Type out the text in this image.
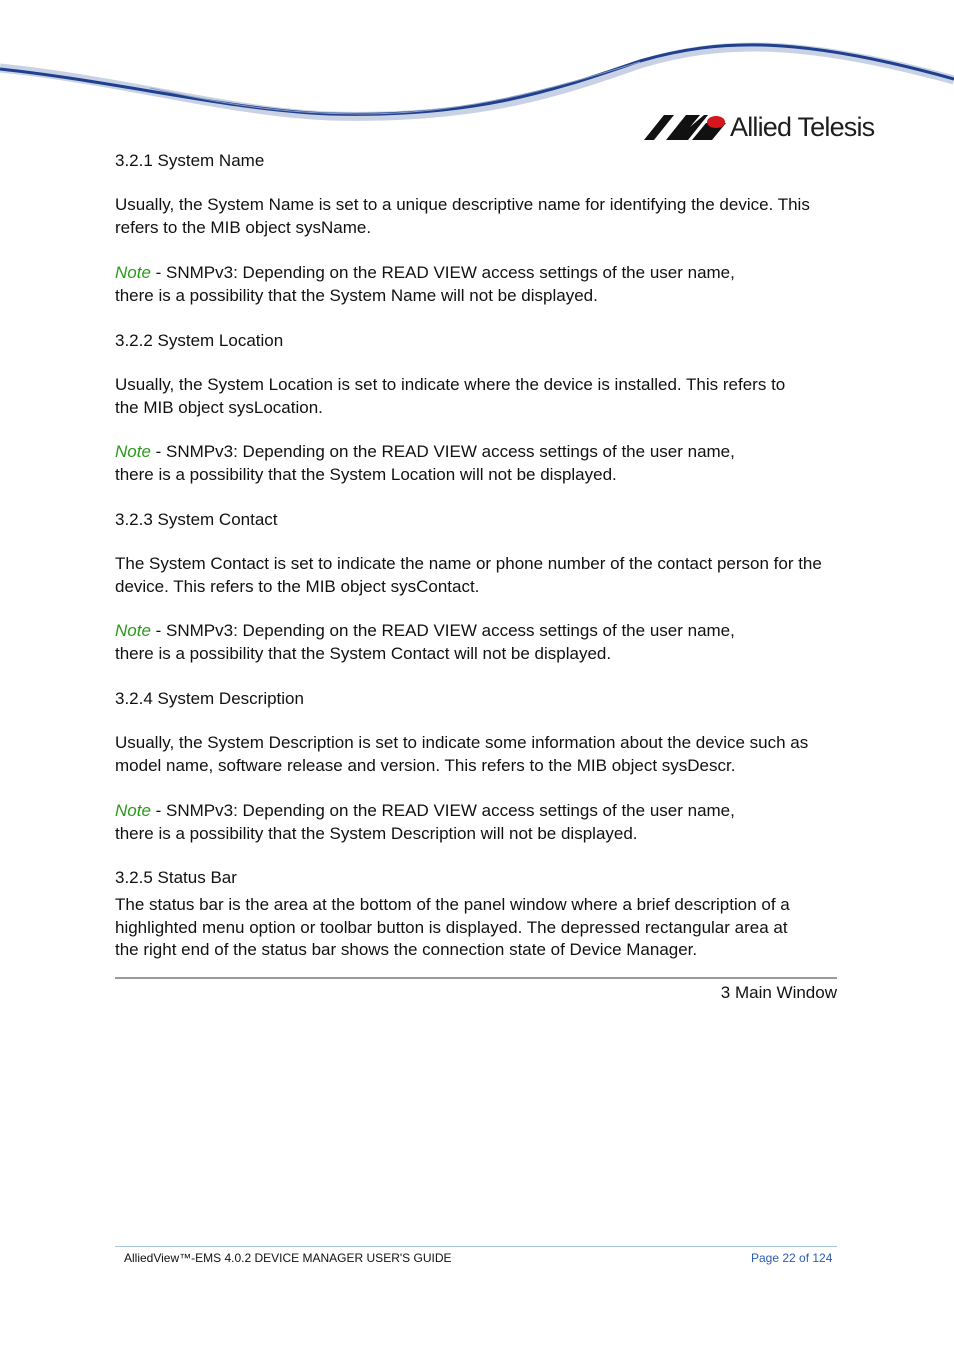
Allied Telesis
3.2.1 System Name
Usually, the System Name is set to a unique descriptive name for identifying the device. This refers to the MIB object sysName.
Note - SNMPv3: Depending on the READ VIEW access settings of the user name, there is a possibility that the System Name will not be displayed.
3.2.2 System Location
Usually, the System Location is set to indicate where the device is installed. This refers to the MIB object sysLocation.
Note - SNMPv3: Depending on the READ VIEW access settings of the user name, there is a possibility that the System Location will not be displayed.
3.2.3 System Contact
The System Contact is set to indicate the name or phone number of the contact person for the device. This refers to the MIB object sysContact.
Note - SNMPv3: Depending on the READ VIEW access settings of the user name, there is a possibility that the System Contact will not be displayed.
3.2.4 System Description
Usually, the System Description is set to indicate some information about the device such as model name, software release and version. This refers to the MIB object sysDescr.
Note - SNMPv3: Depending on the READ VIEW access settings of the user name, there is a possibility that the System Description will not be displayed.
3.2.5 Status Bar
The status bar is the area at the bottom of the panel window where a brief description of a highlighted menu option or toolbar button is displayed. The depressed rectangular area at the right end of the status bar shows the connection state of Device Manager.
3 Main Window
AlliedView™-EMS 4.0.2 DEVICE MANAGER USER'S GUIDE	Page 22 of 124
